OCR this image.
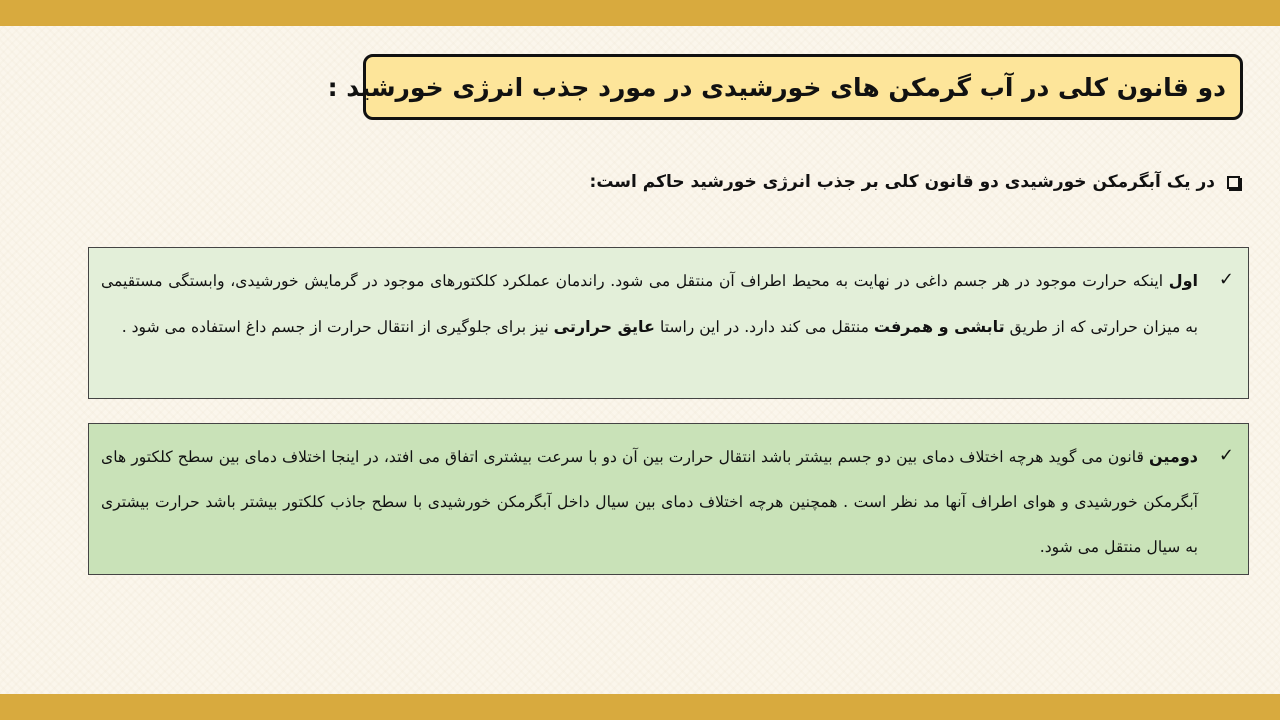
دو قانون کلی در آب گرمکن های خورشیدی در مورد جذب انرژی خورشید :
در یک آبگرمکن خورشیدی دو قانون کلی بر جذب انرژی خورشید حاکم است:
✓
اول اینکه حرارت موجود در هر جسم داغی در نهایت به محیط اطراف آن منتقل می شود. راندمان عملکرد کلکتورهای موجود در گرمایش خورشیدی، وابستگی مستقیمی به میزان حرارتی که از طریق تابشی و همرفت منتقل می کند دارد. در این راستا عایق حرارتی نیز برای جلوگیری از انتقال حرارت از جسم داغ استفاده می شود .
✓
دومین قانون می گوید هرچه اختلاف دمای بین دو جسم بیشتر باشد انتقال حرارت بین آن دو با سرعت بیشتری اتفاق می افتد، در اینجا اختلاف دمای بین سطح کلکتور های آبگرمکن خورشیدی و هوای اطراف آنها مد نظر است . همچنین هرچه اختلاف دمای بین سیال داخل آبگرمکن خورشیدی با سطح جاذب کلکتور بیشتر باشد حرارت بیشتری به سیال منتقل می شود.
